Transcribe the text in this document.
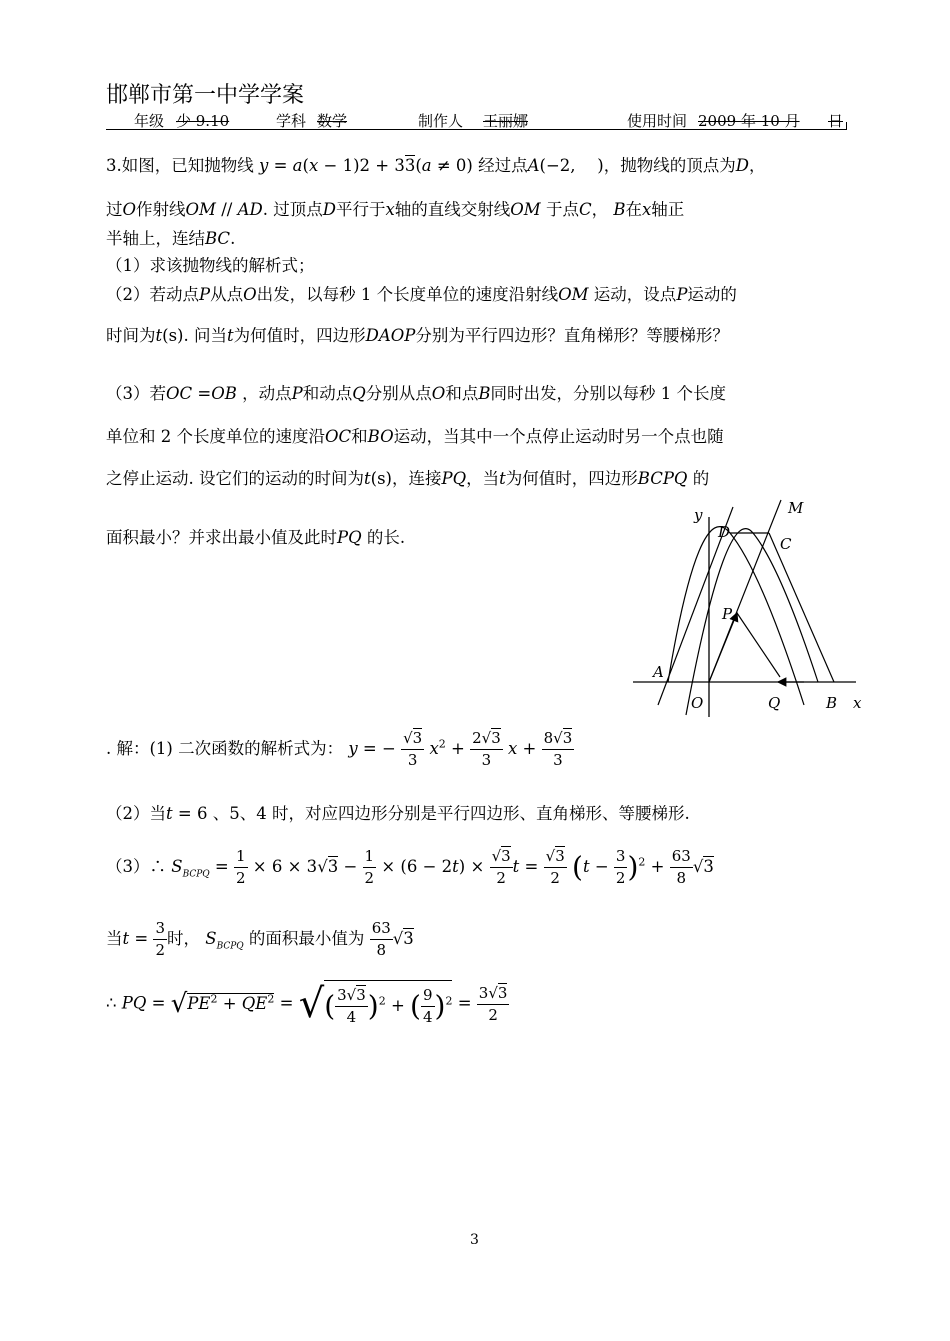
邯郸市第一中学学案
年级 少 9.10	学科 数学	制作人 王丽娜	使用时间 2009 年 10 月 日
3.如图，已知抛物线 y = a(x − 1)2 + 33(a ≠ 0) 经过点A(−2,　 )，抛物线的顶点为D，
过O作射线OM // AD. 过顶点D平行于x轴的直线交射线OM 于点C， B在x轴正
半轴上，连结BC.
（1）求该抛物线的解析式；
（2）若动点P从点O出发，以每秒 1 个长度单位的速度沿射线OM 运动，设点P运动的
时间为t(s). 问当t为何值时，四边形DAOP分别为平行四边形？直角梯形？等腰梯形？
（3）若OC =OB ，动点P和动点Q分别从点O和点B同时出发，分别以每秒 1 个长度
单位和 2 个长度单位的速度沿OC和BO运动，当其中一个点停止运动时另一个点也随
之停止运动. 设它们的运动的时间为t(s)，连接PQ，当t为何值时，四边形BCPQ 的
面积最小？并求出最小值及此时PQ 的长.
y	M
D
C
P
A
O	Q	B x
. 解：(1) 二次函数的解析式为： y = − $\frac{√3}{3} x^2 + \frac{2√3}{3}$ $x + \frac{8√3}{3}$
（2）当t = 6 、5、4 时，对应四边形分别是平行四边形、直角梯形、等腰梯形.
（3）∴ $S_{BCPQ} = \frac{1}{2} \times 6 \times 3√3 - \frac{1}{2} \times (6 - 2t) \times \frac{√3}{2}$ $t = \frac{√3}{2} (t - \frac{3}{2} )^2 + \frac{63}{8} √3$
当$t = \frac{3}{2}$ 时， $S_{BCPQ}$ 的面积最小值为 $\frac{63}{8} √3$
∴ PQ = $√PE^2 + QE^2$ = √( $\frac{3√3}{4} )^2$ + ( $\frac{9}{4} )^2 = \frac{3√3}{2}$
3
